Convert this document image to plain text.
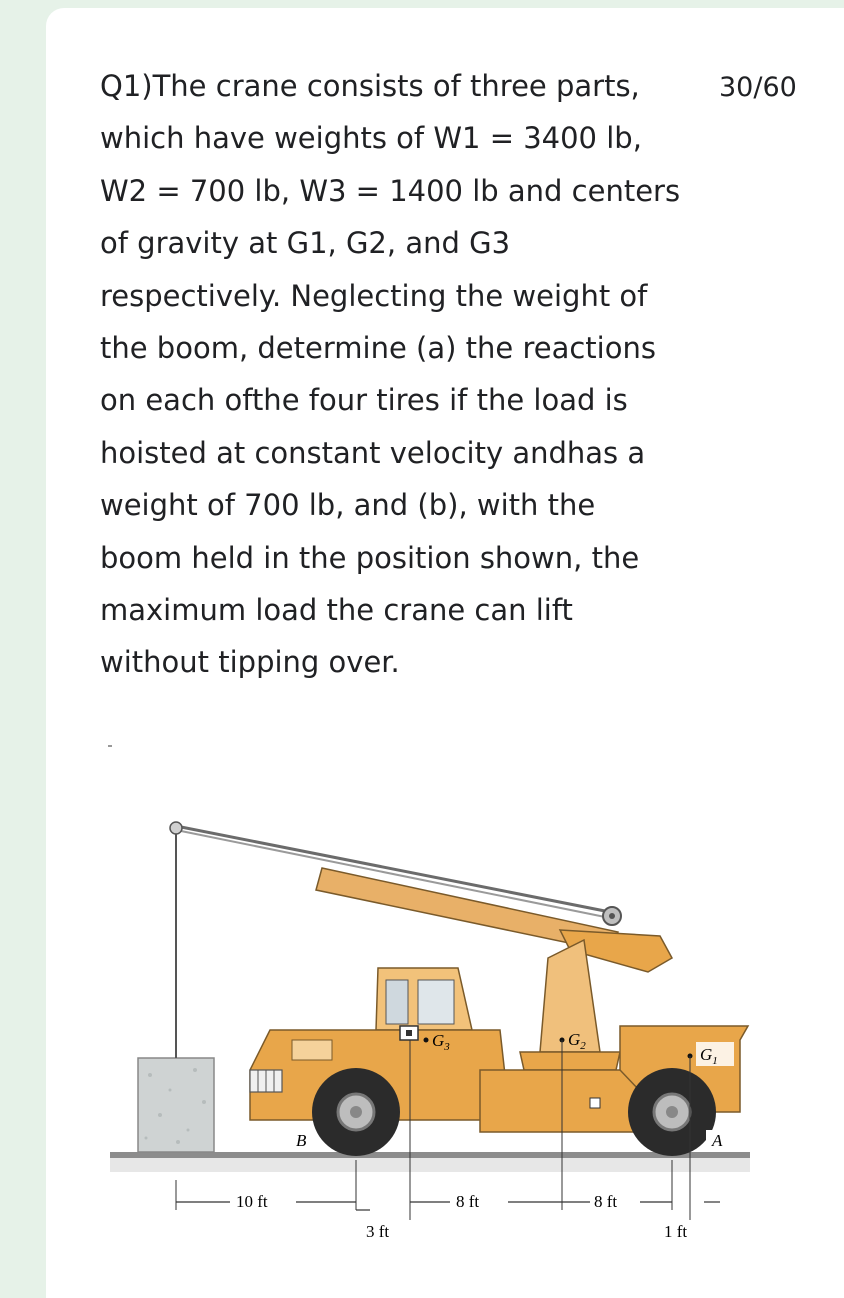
30/60

Q1)The crane consists of three parts,
which have weights of W1 = 3400 lb,
W2 = 700 lb, W3 = 1400 lb and centers
of gravity at G1, G2, and G3
respectively. Neglecting the weight of
the boom, determine (a) the reactions
on each ofthe four tires if the load is
hoisted at constant velocity andhas a
weight of 700 lb, and (b), with the
boom held in the position shown, the
maximum load the crane can lift
without tipping over.

$G_3$	$G_2$	$G_1$
A
B
10 ft
3 ft
8 ft	8 ft
1 ft
